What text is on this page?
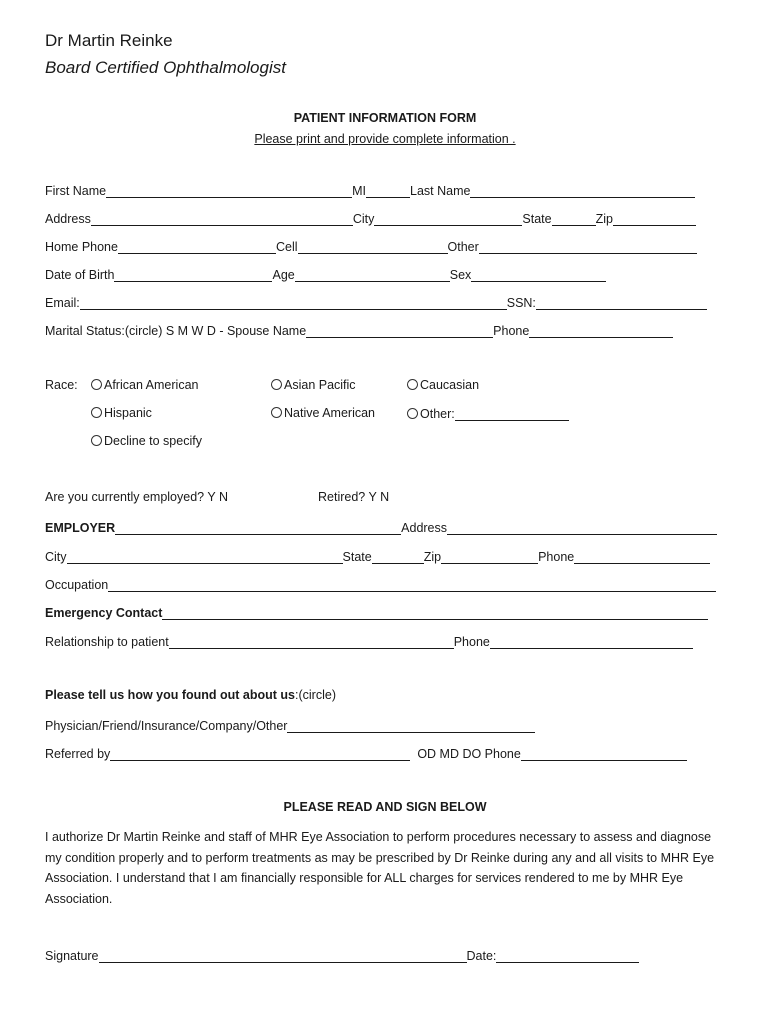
Dr Martin Reinke
Board Certified Ophthalmologist
PATIENT INFORMATION FORM
Please print and provide complete information .
First Name	MI	Last Name
Address	City	State	Zip
Home Phone	Cell	Other
Date of Birth	Age	Sex
Email:	SSN:
Marital Status:(circle) S M W D - Spouse Name	Phone
Race:	African American	Asian Pacific	Caucasian
Hispanic	Native American	Other:
Decline to specify
Are you currently employed? Y N	Retired? Y N
EMPLOYER	Address
City	State	Zip	Phone
Occupation
Emergency Contact
Relationship to patient	Phone
Please tell us how you found out about us:(circle)
Physician/Friend/Insurance/Company/Other
Referred by	OD MD DO Phone
PLEASE READ AND SIGN BELOW
I authorize Dr Martin Reinke and staff of MHR Eye Association to perform procedures necessary to assess and diagnose my condition properly and to perform treatments as may be prescribed by Dr Reinke during any and all visits to MHR Eye Association. I understand that I am financially responsible for ALL charges for services rendered to me by MHR Eye Association.
Signature	Date:
